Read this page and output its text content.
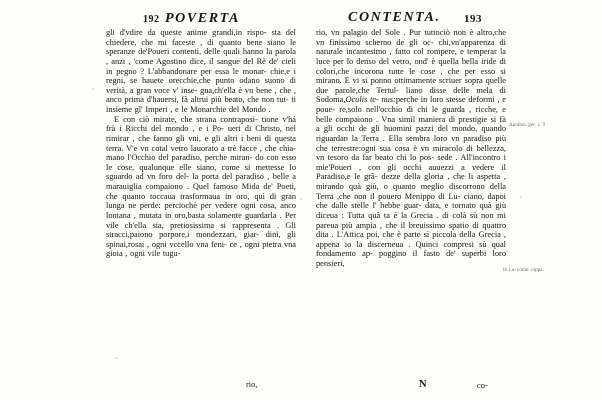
192 POVERTA	CONTENTA. 193

gli d'vdire da queste anime grandi,in rispo- sta del chiedere, che mi faceste , di quanto bene siano le speranze de'Poueri contenti, delle quali hanno la parola , anzi , 'come Agostino dice, il sangue del Rè de' cieli in pegno ? L'abbandonare per essa le monar- chie,e i regni, se hauete orecchie,che punto odano suono di verità, a gran voce v' inse- gna,ch'ella è vn bene , che , anco prima d'hauersi, fà altrui più beato, che non tut- ti insieme gl' Imperi , e le Monarchie del Mondo .

E con ciò mirate, che strana contraposi- tione v'há frà i Ricchi del mondo , e i Po- ueri di Christo, nel rimirar , che fanno gli vni, e gli altri i beni di questa terra. V'e vn cotal vetro lauorato a trè facce , che chia- mano l'Occhio del paradiso, perche miran- do con esso le cose, qualunque elle siano, come si mettesse lo sguardo ad vn foro del- la porta del paradiso , belle a marauiglia compaiono . Quel famoso Mida de' Poeti, che quanto toccaua trasformaua in oro, quì di gran lunga ne perde: perciochè per vedere ogni cosa, anco lontana , mutata in oro,basta solamente guardarla . Per vile ch'ella sia, pretiosissima si rappresenta . Gli stracci,paiono porpore,i mondezzari, giar- dini, gli spinai,rosai , ogni vccello vna feni- ce , ogni pietra vna gioia , ogni vile tugu-

rio, vn palagio del Sole . Pur tuttociò non è altro,che vn finissimo scherno de gli oc- chi,vn'apparenza di naturale incantesimo , fatto col rompere, e temperar la luce per lo denso del vetro, ond' è quella bella iride di colori,che incorona tutte le cose , che per esso si mirano. E vi si ponno ottimamente scriuer sopra quelle due parole,che Tertul- liano disse delle mela di Sodoma,Oculis te- nus:perche in loro stesse deformi , e poue- re,solo nell'occhio di chi le guarda , ricche, e belle compaiono . Vna simil maniera di prestigie si fà a gli occhi de gli huomini pazzi del mondo, quando riguardan la Terra . Ella sembra loro vn paradiso più che terrestre:ogni sua cosa è vn miracolo di bellezza, vn tesoro da far beato chi lo pos- sede . All'incontro i mie'Poueri , con gli occhi auuezzi a vedere il Paradiso,e le grã- dezze della gloria , che li aspetta , mirando quà giù, o quanto meglio discorrono della Terra ,che non il pouero Menippo di Lu- ciano, dapoi che dalle stelle l' hebbe guar- data, e tornato quà giù diceua : Tutta quã ta è la Grecia . di colà sù non mi pareua più ampia , che il breuissimo spatio di quattro dita . L'Attica poi, che è parte sì piccola della Grecia , appena io la discerneua . Quinci compresi sù qual fondamento ap- poggino il fasto de' superbi loro pensieri,

Apollon. gec. c. 9
In Lu- come- nippa.
rio,	N	co-
